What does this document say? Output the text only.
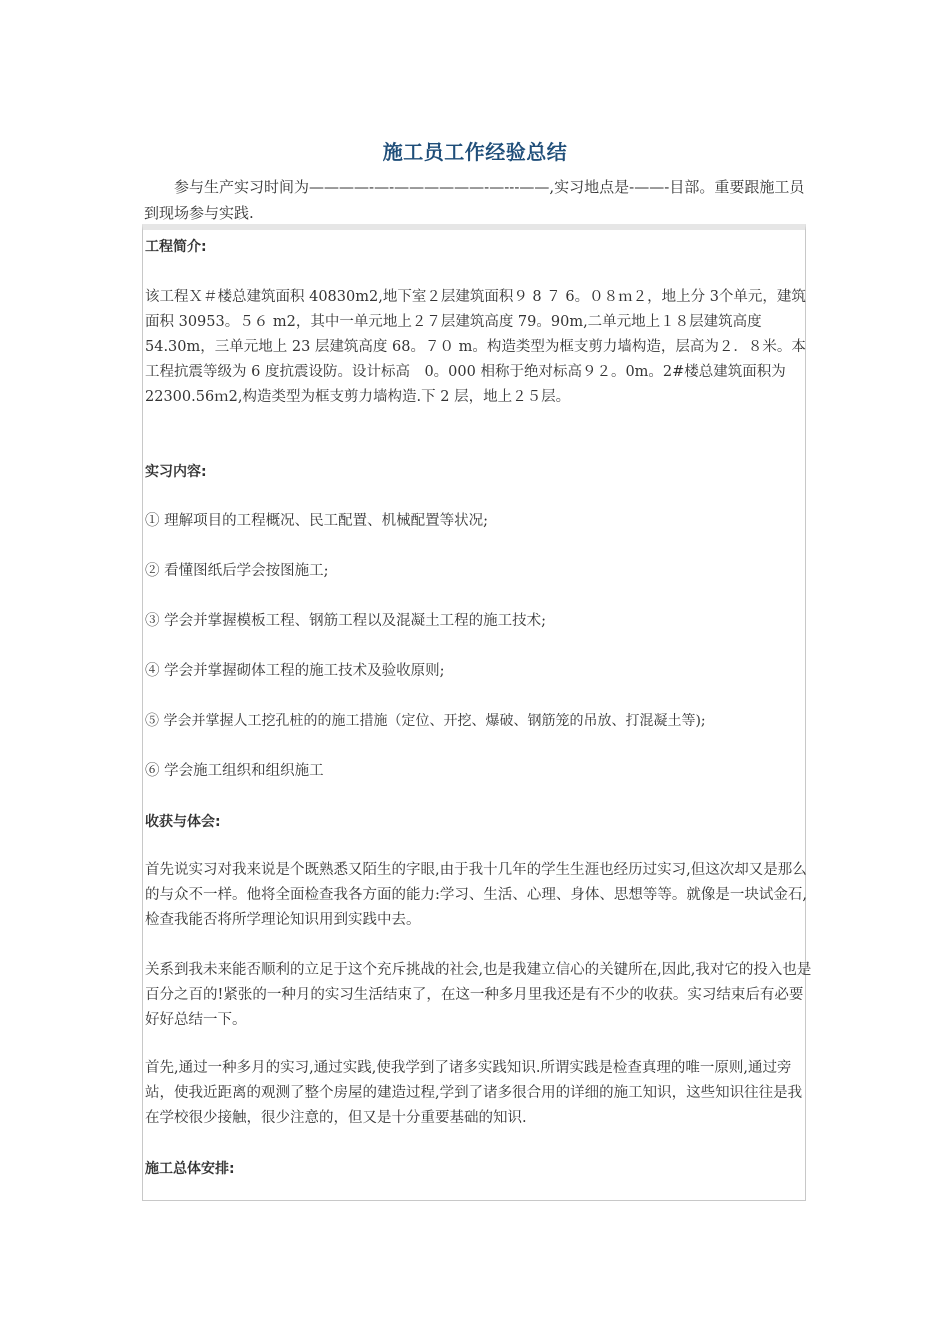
施工员工作经验总结

参与生产实习时间为————-—-——————-—---——,实习地点是-——-目部。重要跟施工员到现场参与实践.

工程简介:

该工程Ｘ＃楼总建筑面积 40830m2,地下室２层建筑面积９ 8 ７ 6。０８ｍ２，地上分 3个单元，建筑面积 30953。５６ m2，其中一单元地上２７层建筑高度 79。90m,二单元地上１８层建筑高度 54.30m，三单元地上 23 层建筑高度 68。７０ m。构造类型为框支剪力墙构造，层高为２．８米。本工程抗震等级为 6 度抗震设防。设计标高　0。000 相称于绝对标高９２。0m。2#楼总建筑面积为 22300.56ｍ2,构造类型为框支剪力墙构造.下 2 层，地上２５层。

实习内容:

① 理解项目的工程概况、民工配置、机械配置等状况;

② 看懂图纸后学会按图施工;

③ 学会并掌握模板工程、钢筋工程以及混凝土工程的施工技术;

④ 学会并掌握砌体工程的施工技术及验收原则;

⑤ 学会并掌握人工挖孔桩的的施工措施（定位、开挖、爆破、钢筋笼的吊放、打混凝土等);

⑥ 学会施工组织和组织施工

收获与体会:

首先说实习对我来说是个既熟悉又陌生的字眼,由于我十几年的学生生涯也经历过实习,但这次却又是那么的与众不一样。他将全面检查我各方面的能力:学习、生活、心理、身体、思想等等。就像是一块试金石,检查我能否将所学理论知识用到实践中去。

关系到我未来能否顺利的立足于这个充斥挑战的社会,也是我建立信心的关键所在,因此,我对它的投入也是百分之百的!紧张的一种月的实习生活结束了，在这一种多月里我还是有不少的收获。实习结束后有必要好好总结一下。

首先,通过一种多月的实习,通过实践,使我学到了诸多实践知识.所谓实践是检查真理的唯一原则,通过旁站，使我近距离的观测了整个房屋的建造过程,学到了诸多很合用的详细的施工知识，这些知识往往是我在学校很少接触，很少注意的，但又是十分重要基础的知识.

施工总体安排:
